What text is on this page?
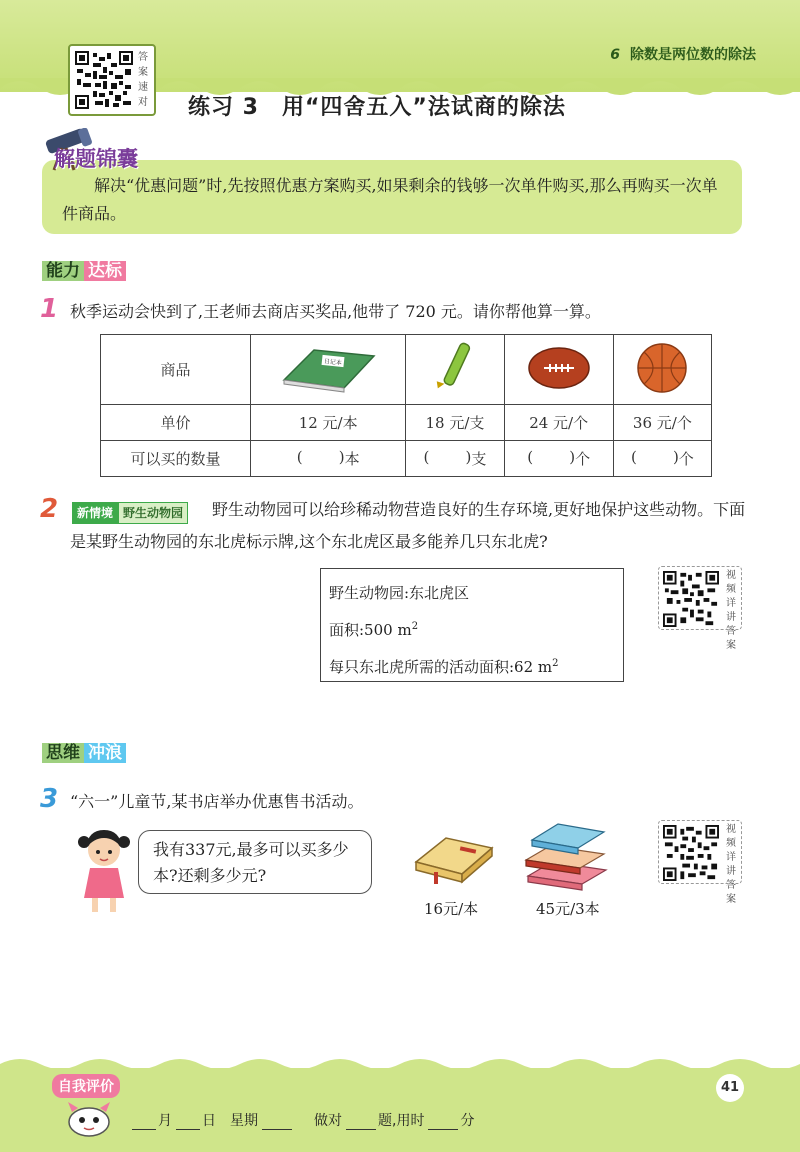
6 除数是两位数的除法
答案速对 练习 3　用“四舍五入”法试商的除法
解题锦囊

解决“优惠问题”时,先按照优惠方案购买,如果剩余的钱够一次单件购买,那么再购买一次单件商品。

能力 达标
1 秋季运动会快到了,王老师去商店买奖品,他带了 720 元。请你帮他算一算。
商品	日记本

单价	12 元/本	18 元/支	24 元/个	36 元/个
可以买的数量	( ) 本	( ) 支	( ) 个	( ) 个
2	新情境 野生动物园	野生动物园可以给珍稀动物营造良好的生存环境,更好地保护这些动物。下面是某野生动物园的东北虎标示牌,这个东北虎区最多能养几只东北虎?
野生动物园:东北虎区
面积:500 $m^2$
每只东北虎所需的活动面积:62 $m^2$
视频详讲答案
思维 冲浪
3 “六一”儿童节,某书店举办优惠售书活动。
我有337元,最多可以买多少本?还剩多少元?
16元/本	45元/3本
视频详讲答案
自我评价	41
月 日 星期	做对	题,用时	分
